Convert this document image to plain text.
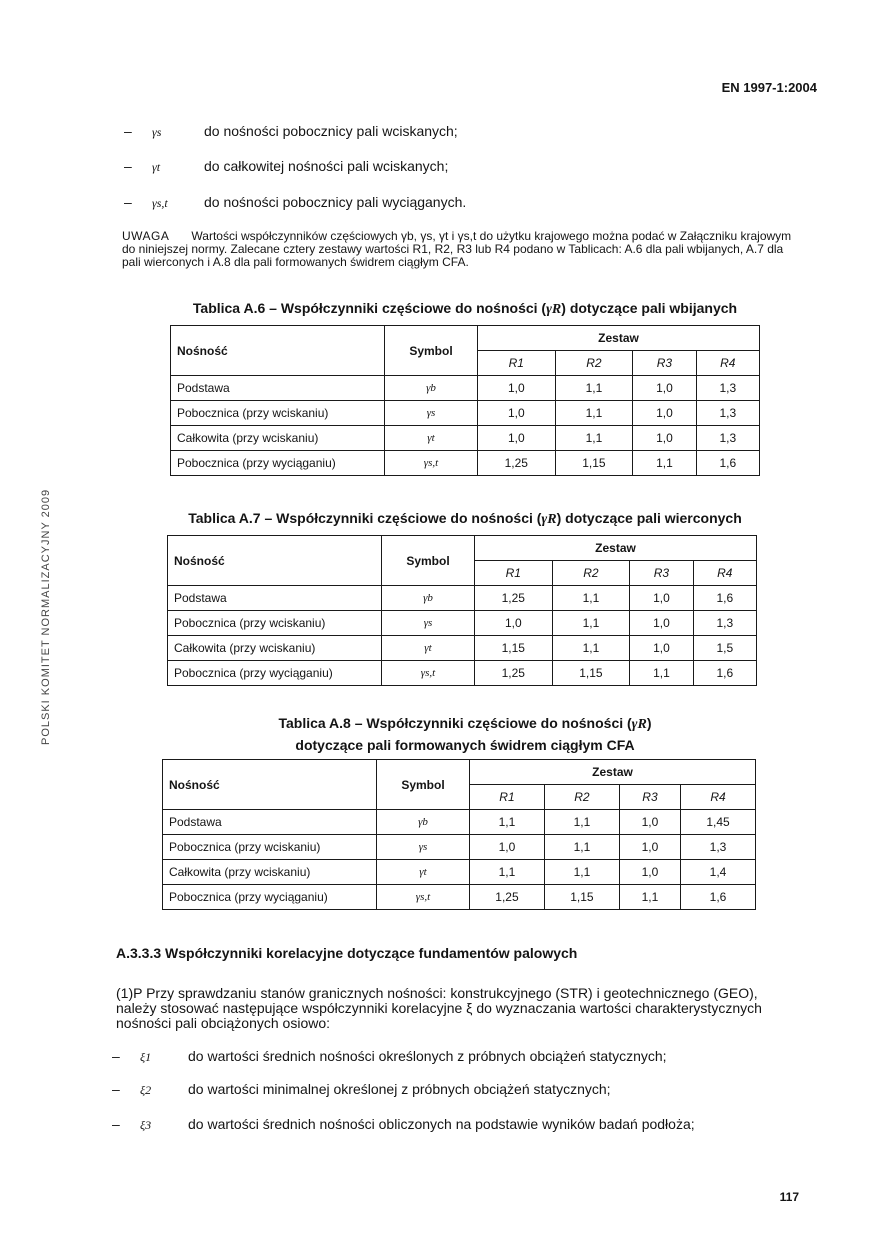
EN 1997-1:2004
POLSKI KOMITET NORMALIZACYJNY 2009
117
–	γs	do nośności pobocznicy pali wciskanych;
–	γt	do całkowitej nośności pali wciskanych;
–	γs,t	do nośności pobocznicy pali wyciąganych.
UWAGA Wartości współczynników częściowych γb, γs, γt i γs,t do użytku krajowego można podać w Załączniku krajowym do niniejszej normy. Zalecane cztery zestawy wartości R1, R2, R3 lub R4 podano w Tablicach: A.6 dla pali wbijanych, A.7 dla pali wierconych i A.8 dla pali formowanych świdrem ciągłym CFA.
Tablica A.6 – Współczynniki częściowe do nośności (γR) dotyczące pali wbijanych
Nośność	Symbol	Zestaw			
		R1	R2	R3	R4
Podstawa	γb	1,0	1,1	1,0	1,3
Pobocznica (przy wciskaniu)	γs	1,0	1,1	1,0	1,3
Całkowita (przy wciskaniu)	γt	1,0	1,1	1,0	1,3
Pobocznica (przy wyciąganiu)	γs,t	1,25	1,15	1,1	1,6
Tablica A.7 – Współczynniki częściowe do nośności (γR) dotyczące pali wierconych
Nośność	Symbol	Zestaw			
		R1	R2	R3	R4
Podstawa	γb	1,25	1,1	1,0	1,6
Pobocznica (przy wciskaniu)	γs	1,0	1,1	1,0	1,3
Całkowita (przy wciskaniu)	γt	1,15	1,1	1,0	1,5
Pobocznica (przy wyciąganiu)	γs,t	1,25	1,15	1,1	1,6
Tablica A.8 – Współczynniki częściowe do nośności (γR)
dotyczące pali formowanych świdrem ciągłym CFA
Nośność	Symbol	Zestaw			
		R1	R2	R3	R4
Podstawa	γb	1,1	1,1	1,0	1,45
Pobocznica (przy wciskaniu)	γs	1,0	1,1	1,0	1,3
Całkowita (przy wciskaniu)	γt	1,1	1,1	1,0	1,4
Pobocznica (przy wyciąganiu)	γs,t	1,25	1,15	1,1	1,6
A.3.3.3 Współczynniki korelacyjne dotyczące fundamentów palowych
(1)P Przy sprawdzaniu stanów granicznych nośności: konstrukcyjnego (STR) i geotechnicznego (GEO), należy stosować następujące współczynniki korelacyjne ξ do wyznaczania wartości charakterystycznych nośności pali obciążonych osiowo:
–	ξ1	do wartości średnich nośności określonych z próbnych obciążeń statycznych;
–	ξ2	do wartości minimalnej określonej z próbnych obciążeń statycznych;
–	ξ3	do wartości średnich nośności obliczonych na podstawie wyników badań podłoża;
